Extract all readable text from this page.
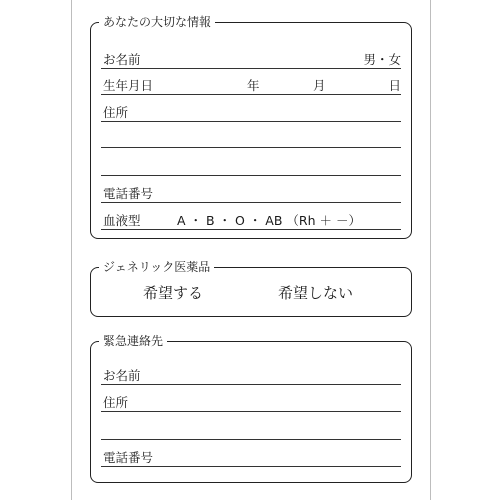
あなたの大切な情報
お名前	男・女
生年月日	年	月	日
住所
電話番号
血液型	A ・ B ・ O ・ AB （Rh ＋ －）
ジェネリック医薬品
希望する	希望しない
緊急連絡先
お名前
住所
電話番号
